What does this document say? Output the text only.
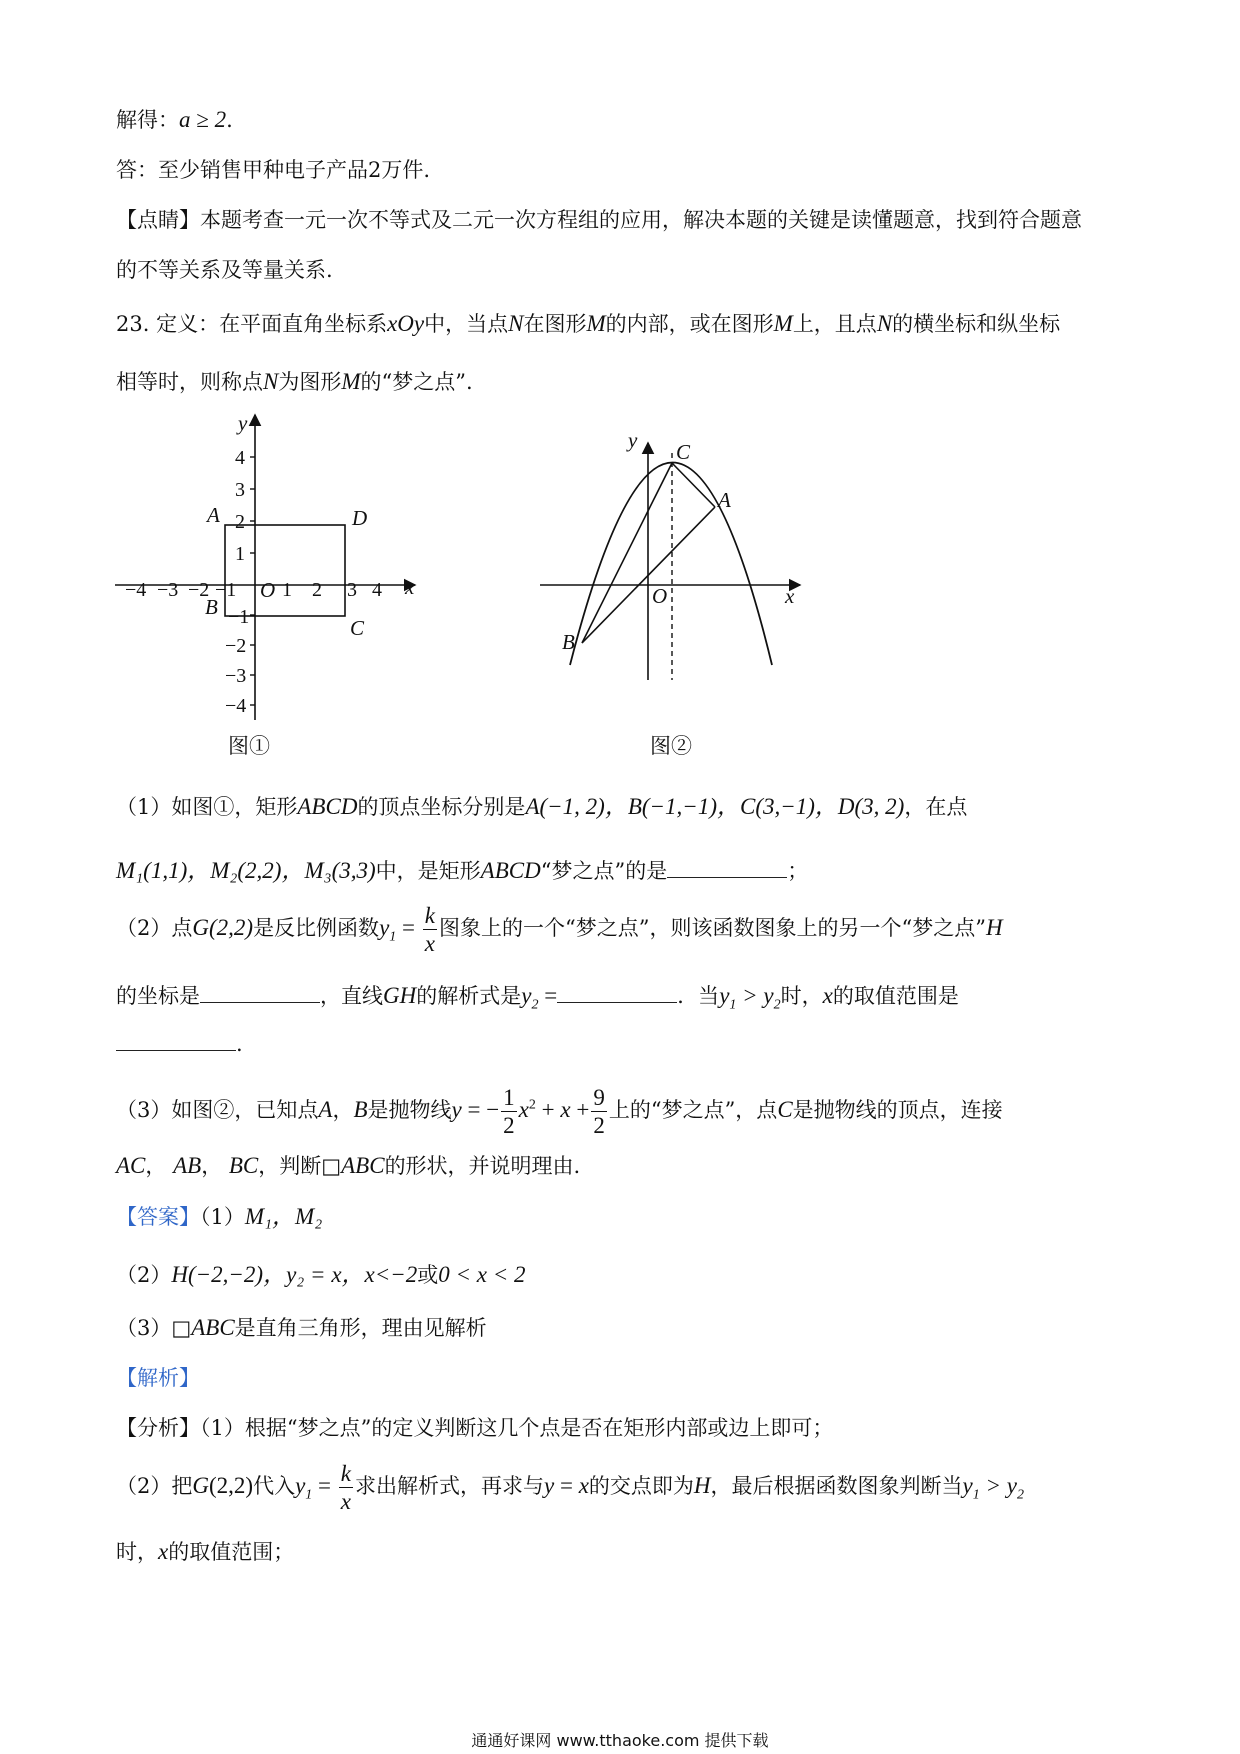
解得：a ≥ 2.
答：至少销售甲种电子产品2万件.
【点睛】本题考查一元一次不等式及二元一次方程组的应用，解决本题的关键是读懂题意，找到符合题意
的不等关系及等量关系.
23. 定义：在平面直角坐标系xOy中，当点N在图形M的内部，或在图形M上，且点N的横坐标和纵坐标
相等时，则称点N为图形M的“梦之点”.
−4 −3 −2 −1 1 2 3 4
4
3
2
1
−1
−2
−3
−4
A
B
C
D
O	x
y
图①
C
A
B
O	x
y
图②
（1）如图①，矩形ABCD的顶点坐标分别是A(−1, 2)，B(−1,−1)，C(3,−1)，D(3, 2)，在点
M₁(1,1)，M₂(2,2)，M₃(3,3)中，是矩形ABCD“梦之点”的是	；
（2）点G(2,2)是反比例函数$y_1 = \frac{k}{x}$ 图象上的一个“梦之点”，则该函数图象上的另一个“梦之点”H
的坐标是	，直线GH的解析式是$y_2$ =	．当$y_1 > y_2$时，x的取值范围是
.
（3）如图②，已知点A，B是抛物线y = − $\frac{1}{2} x^2 + x + \frac{9}{2}$ 上的“梦之点”，点C是抛物线的顶点，连接
AC， AB， BC，判断□ABC的形状，并说明理由.
【答案】（1）M₁，M₂
（2）H(−2,−2)，y₂ = x，x<−2或0 < x < 2
（3）□ABC是直角三角形，理由见解析
【解析】
【分析】（1）根据“梦之点”的定义判断这几个点是否在矩形内部或边上即可；
（2）把G(2,2)代入$y_1 = \frac{k}{x}$ 求出解析式，再求与y = x的交点即为H，最后根据函数图象判断当$y_1 > y_2$
时，x的取值范围；
通通好课网 www.tthaoke.com 提供下载
